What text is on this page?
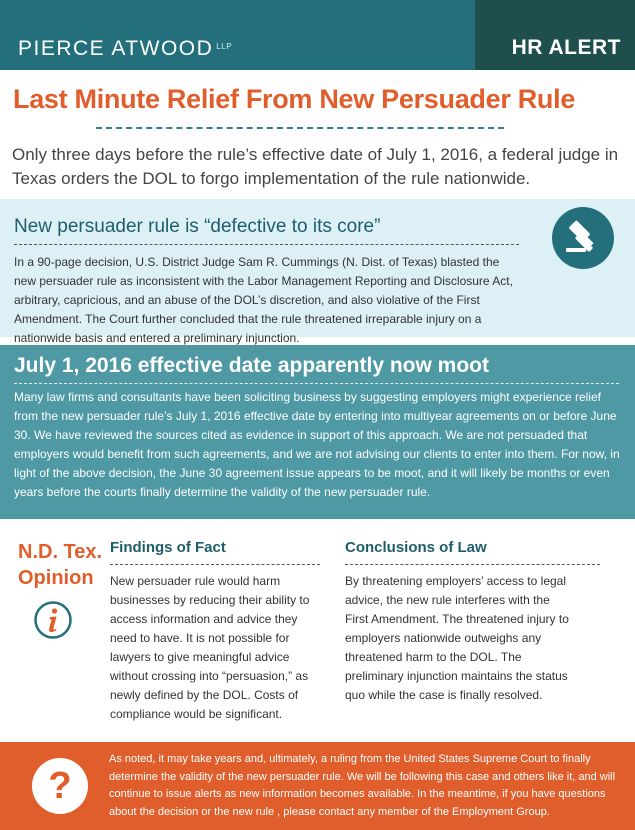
PIERCE ATWOOD $^{LLP}$	HR ALERT
Last Minute Relief From New Persuader Rule
Only three days before the rule’s effective date of July 1, 2016, a federal judge in Texas orders the DOL to forgo implementation of the rule nationwide.
New persuader rule is “defective to its core”

In a 90-page decision, U.S. District Judge Sam R. Cummings (N. Dist. of Texas) blasted the new persuader rule as inconsistent with the Labor Management Reporting and Disclosure Act, arbitrary, capricious, and an abuse of the DOL’s discretion, and also violative of the First Amendment. The Court further concluded that the rule threatened irreparable injury on a nationwide basis and entered a preliminary injunction.

July 1, 2016 effective date apparently now moot

Many law firms and consultants have been soliciting business by suggesting employers might experience relief from the new persuader rule’s July 1, 2016 effective date by entering into multiyear agreements on or before June 30. We have reviewed the sources cited as evidence in support of this approach. We are not persuaded that employers would benefit from such agreements, and we are not advising our clients to enter into them. For now, in light of the above decision, the June 30 agreement issue appears to be moot, and it will likely be months or even years before the courts finally determine the validity of the new persuader rule.

N.D. Tex.
Opinion
Findings of Fact
New persuader rule would harm businesses by reducing their ability to access information and advice they need to have. It is not possible for lawyers to give meaningful advice without crossing into “persuasion,” as newly defined by the DOL. Costs of compliance would be significant.
Conclusions of Law
By threatening employers’ access to legal advice, the new rule interferes with the First Amendment. The threatened injury to employers nationwide outweighs any threatened harm to the DOL. The preliminary injunction maintains the status quo while the case is finally resolved.

As noted, it may take years and, ultimately, a ruling from the United States Supreme Court to finally determine the validity of the new persuader rule. We will be following this case and others like it, and will continue to issue alerts as new information becomes available. In the meantime, if you have questions about the decision or the new rule , please contact any member of the Employment Group.

?
